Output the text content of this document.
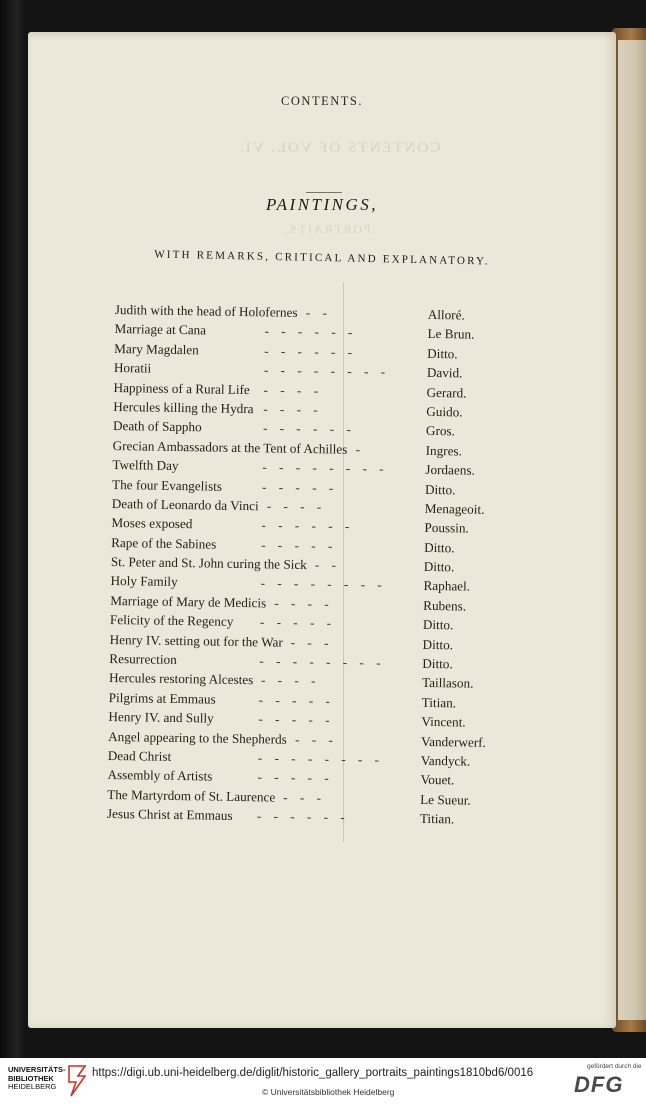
CONTENTS.
CONTENTS OF VOL. VI.
PORTRAITS.
PAINTINGS,
WITH REMARKS, CRITICAL AND EXPLANATORY.
Judith with the head of Holofernes - -	Alloré.
Marriage at Cana	- - - - - -	Le Brun.
Mary Magdalen	- - - - - -	Ditto.
Horatii	- - - - - - - -	David.
Happiness of a Rural Life - - - -	Gerard.
Hercules killing the Hydra - - - -	Guido.
Death of Sappho	- - - - - -	Gros.
Grecian Ambassadors at the Tent of Achilles -	Ingres.
Twelfth Day	- - - - - - - -	Jordaens.
The four Evangelists	- - - - -	Ditto.
Death of Leonardo da Vinci - - - -	Menageoit.
Moses exposed	- - - - - -	Poussin.
Rape of the Sabines	- - - - -	Ditto.
St. Peter and St. John curing the Sick - -	Ditto.
Holy Family	- - - - - - - -	Raphael.
Marriage of Mary de Medicis - - - -	Rubens.
Felicity of the Regency - - - - -	Ditto.
Henry IV. setting out for the War - - -	Ditto.
Resurrection	- - - - - - - -	Ditto.
Hercules restoring Alcestes - - - -	Taillason.
Pilgrims at Emmaus	- - - - -	Titian.
Henry IV. and Sully	- - - - -	Vincent.
Angel appearing to the Shepherds - - -	Vanderwerf.
Dead Christ	- - - - - - - -	Vandyck.
Assembly of Artists	- - - - -	Vouet.
The Martyrdom of St. Laurence - - -	Le Sueur.
Jesus Christ at Emmaus - - - - - -	Titian.
UNIVERSITÄTS-
BIBLIOTHEK
HEIDELBERG
https://digi.ub.uni-heidelberg.de/diglit/historic_gallery_portraits_paintings1810bd6/0016
© Universitätsbibliothek Heidelberg
gefördert durch die
DFG
